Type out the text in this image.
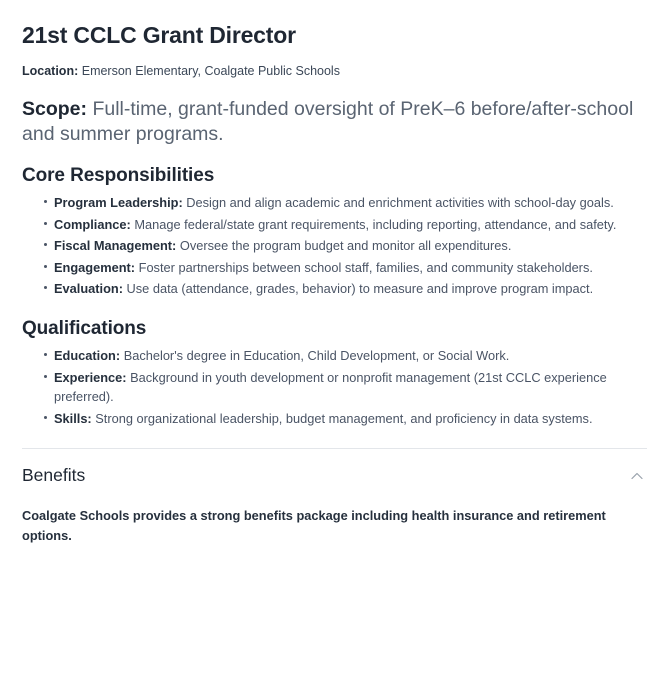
21st CCLC Grant Director

Location: Emerson Elementary, Coalgate Public Schools

Scope: Full-time, grant-funded oversight of PreK–6 before/after-school and summer programs.

Core Responsibilities
Program Leadership: Design and align academic and enrichment activities with school-day goals.
Compliance: Manage federal/state grant requirements, including reporting, attendance, and safety.
Fiscal Management: Oversee the program budget and monitor all expenditures.
Engagement: Foster partnerships between school staff, families, and community stakeholders.
Evaluation: Use data (attendance, grades, behavior) to measure and improve program impact.
Qualifications
Education: Bachelor's degree in Education, Child Development, or Social Work.
Experience: Background in youth development or nonprofit management (21st CCLC experience preferred).
Skills: Strong organizational leadership, budget management, and proficiency in data systems.
Benefits
Coalgate Schools provides a strong benefits package including health insurance and retirement options.
